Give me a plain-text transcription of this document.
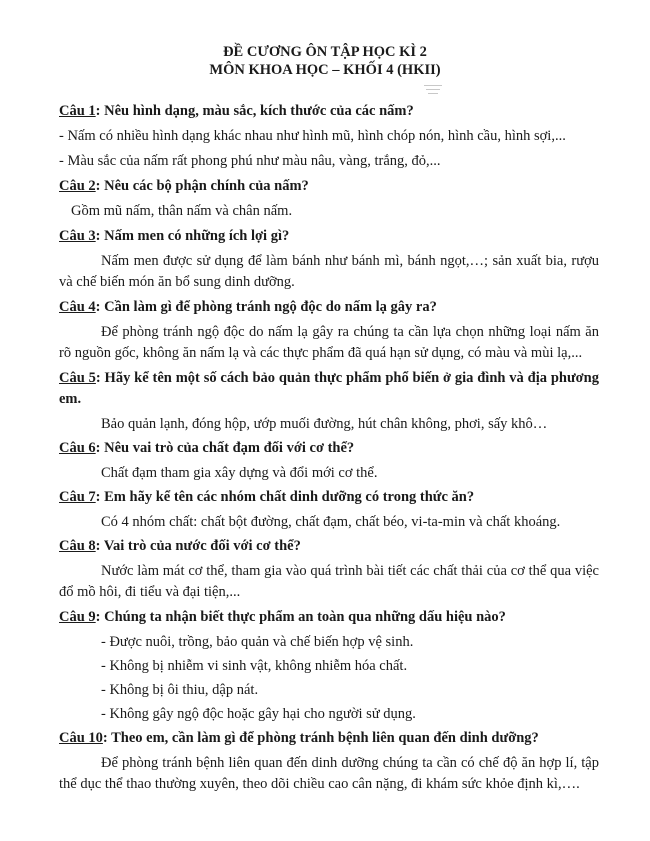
ĐỀ CƯƠNG ÔN TẬP HỌC KÌ 2
MÔN KHOA HỌC – KHỐI 4 (HKII)

Câu 1: Nêu hình dạng, màu sắc, kích thước của các nấm?

- Nấm có nhiều hình dạng khác nhau như hình mũ, hình chóp nón, hình cầu, hình sợi,...

- Màu sắc của nấm rất phong phú như màu nâu, vàng, trắng, đỏ,...

Câu 2: Nêu các bộ phận chính của nấm?

Gồm mũ nấm, thân nấm và chân nấm.

Câu 3: Nấm men có những ích lợi gì?

Nấm men được sử dụng để làm bánh như bánh mì, bánh ngọt,…; sản xuất bia, rượu và chế biến món ăn bổ sung dinh dưỡng.

Câu 4: Cần làm gì để phòng tránh ngộ độc do nấm lạ gây ra?

Để phòng tránh ngộ độc do nấm lạ gây ra chúng ta cần lựa chọn những loại nấm ăn rõ nguồn gốc, không ăn nấm lạ và các thực phẩm đã quá hạn sử dụng, có màu và mùi lạ,...

Câu 5: Hãy kể tên một số cách bảo quản thực phẩm phổ biến ở gia đình và địa phương em.

Bảo quản lạnh, đóng hộp, ướp muối đường, hút chân không, phơi, sấy khô…

Câu 6: Nêu vai trò của chất đạm đối với cơ thể?

Chất đạm tham gia xây dựng và đổi mới cơ thể.

Câu 7: Em hãy kể tên các nhóm chất dinh dưỡng có trong thức ăn?

Có 4 nhóm chất: chất bột đường, chất đạm, chất béo, vi-ta-min và chất khoáng.

Câu 8: Vai trò của nước đối với cơ thể?

Nước làm mát cơ thể, tham gia vào quá trình bài tiết các chất thải của cơ thể qua việc đổ mồ hôi, đi tiểu và đại tiện,...

Câu 9: Chúng ta nhận biết thực phẩm an toàn qua những dấu hiệu nào?

- Được nuôi, trồng, bảo quản và chế biến hợp vệ sinh.

- Không bị nhiễm vi sinh vật, không nhiễm hóa chất.

- Không bị ôi thiu, dập nát.

- Không gây ngộ độc hoặc gây hại cho người sử dụng.

Câu 10: Theo em, cần làm gì để phòng tránh bệnh liên quan đến dinh dưỡng?

Để phòng tránh bệnh liên quan đến dinh dưỡng chúng ta cần có chế độ ăn hợp lí, tập thể dục thể thao thường xuyên, theo dõi chiều cao cân nặng, đi khám sức khỏe định kì,….
